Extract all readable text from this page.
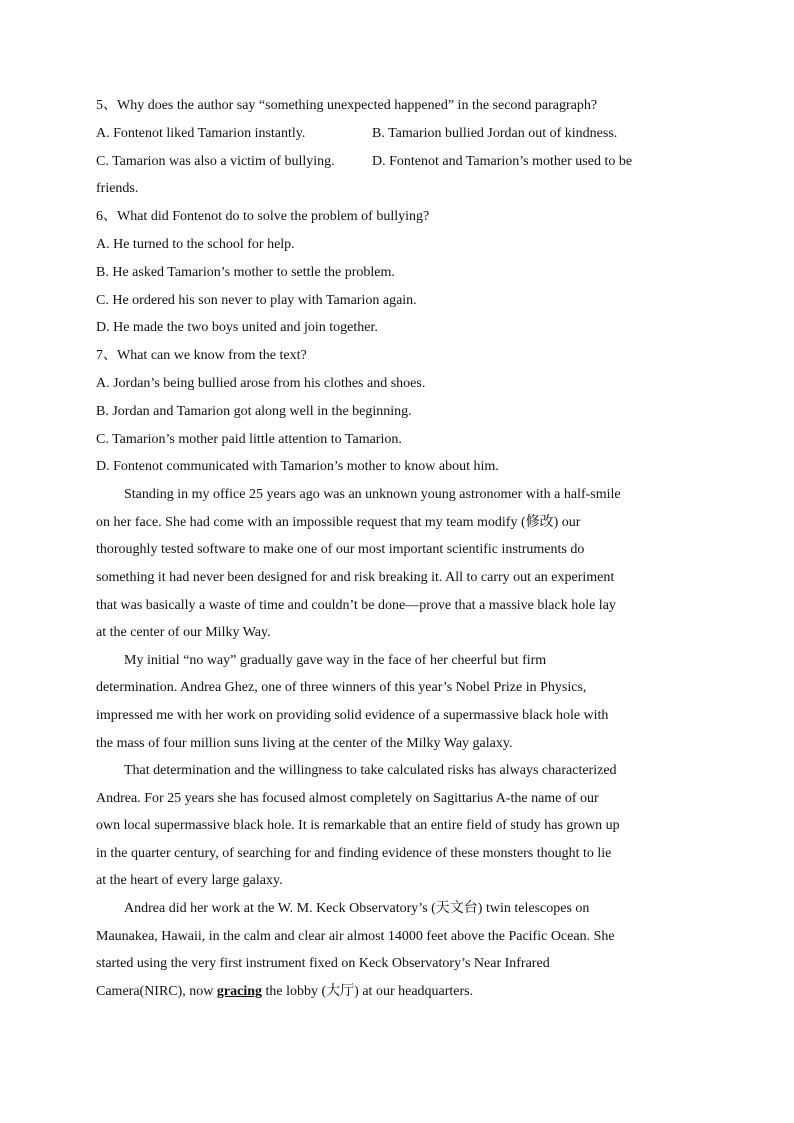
5、Why does the author say “something unexpected happened” in the second paragraph?
A. Fontenot liked Tamarion instantly.	B. Tamarion bullied Jordan out of kindness.
C. Tamarion was also a victim of bullying.	D. Fontenot and Tamarion’s mother used to be
friends.
6、What did Fontenot do to solve the problem of bullying?
A. He turned to the school for help.
B. He asked Tamarion’s mother to settle the problem.
C. He ordered his son never to play with Tamarion again.
D. He made the two boys united and join together.
7、What can we know from the text?
A. Jordan’s being bullied arose from his clothes and shoes.
B. Jordan and Tamarion got along well in the beginning.
C. Tamarion’s mother paid little attention to Tamarion.
D. Fontenot communicated with Tamarion’s mother to know about him.
Standing in my office 25 years ago was an unknown young astronomer with a half-smile
on her face. She had come with an impossible request that my team modify (修改) our
thoroughly tested software to make one of our most important scientific instruments do
something it had never been designed for and risk breaking it. All to carry out an experiment
that was basically a waste of time and couldn’t be done—prove that a massive black hole lay
at the center of our Milky Way.
My initial “no way” gradually gave way in the face of her cheerful but firm
determination. Andrea Ghez, one of three winners of this year’s Nobel Prize in Physics,
impressed me with her work on providing solid evidence of a supermassive black hole with
the mass of four million suns living at the center of the Milky Way galaxy.
That determination and the willingness to take calculated risks has always characterized
Andrea. For 25 years she has focused almost completely on Sagittarius A-the name of our
own local supermassive black hole. It is remarkable that an entire field of study has grown up
in the quarter century, of searching for and finding evidence of these monsters thought to lie
at the heart of every large galaxy.
Andrea did her work at the W. M. Keck Observatory’s (天文台) twin telescopes on
Maunakea, Hawaii, in the calm and clear air almost 14000 feet above the Pacific Ocean. She
started using the very first instrument fixed on Keck Observatory’s Near Infrared
Camera(NIRC), now gracing the lobby (大厅) at our headquarters.
